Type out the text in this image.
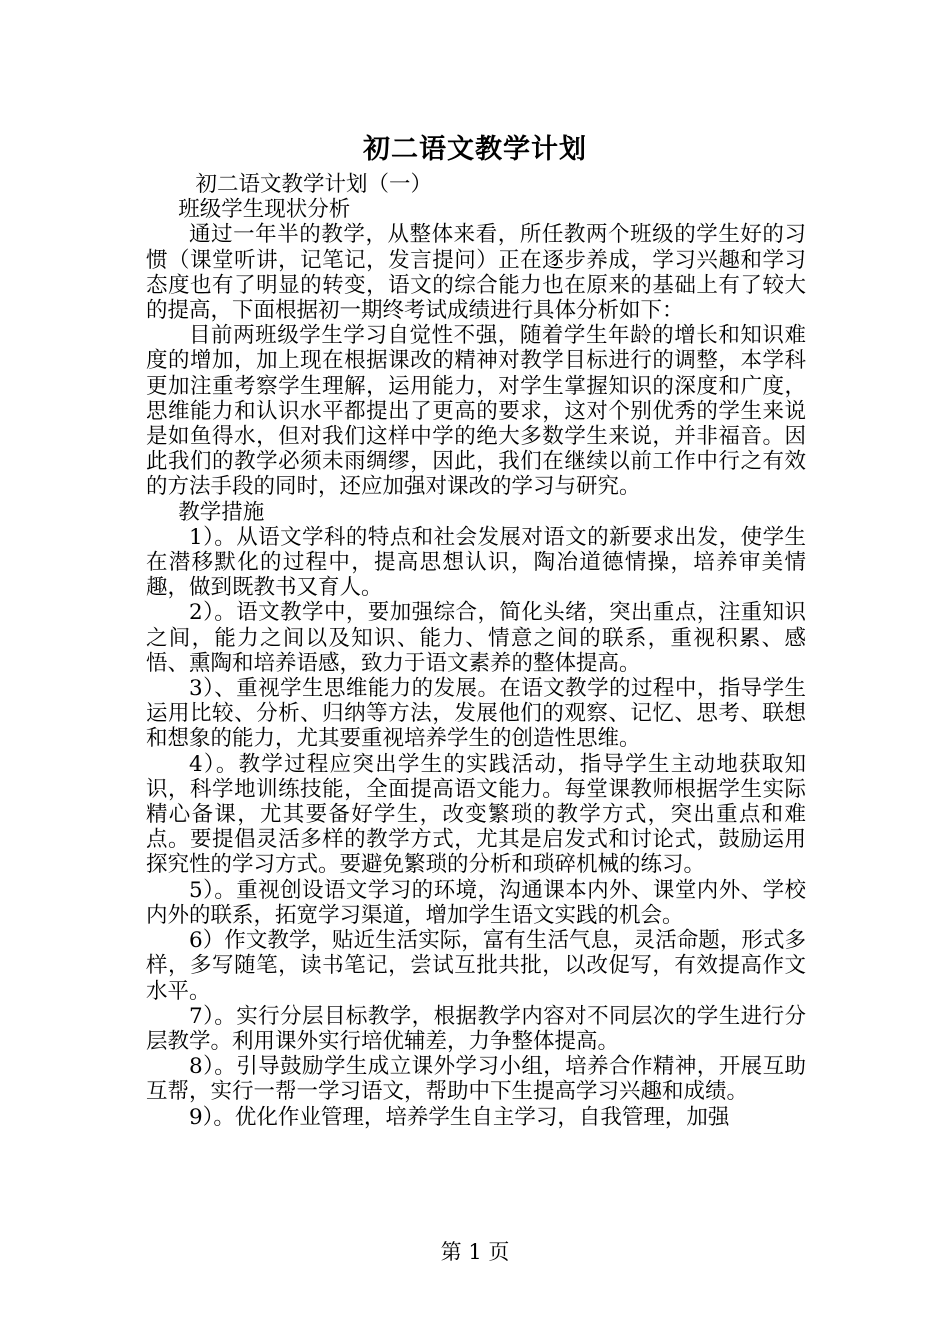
初二语文教学计划

初二语文教学计划（一）

班级学生现状分析

通过一年半的教学，从整体来看，所任教两个班级的学生好的习惯（课堂听讲，记笔记，发言提问）正在逐步养成，学习兴趣和学习态度也有了明显的转变，语文的综合能力也在原来的基础上有了较大的提高，下面根据初一期终考试成绩进行具体分析如下：

目前两班级学生学习自觉性不强，随着学生年龄的增长和知识难度的增加，加上现在根据课改的精神对教学目标进行的调整，本学科更加注重考察学生理解，运用能力，对学生掌握知识的深度和广度，思维能力和认识水平都提出了更高的要求，这对个别优秀的学生来说是如鱼得水，但对我们这样中学的绝大多数学生来说，并非福音。因此我们的教学必须未雨绸缪，因此，我们在继续以前工作中行之有效的方法手段的同时，还应加强对课改的学习与研究。

教学措施

1）。从语文学科的特点和社会发展对语文的新要求出发，使学生在潜移默化的过程中，提高思想认识，陶冶道德情操，培养审美情趣，做到既教书又育人。

2）。语文教学中，要加强综合，简化头绪，突出重点，注重知识之间，能力之间以及知识、能力、情意之间的联系，重视积累、感悟、熏陶和培养语感，致力于语文素养的整体提高。

3）、重视学生思维能力的发展。在语文教学的过程中，指导学生运用比较、分析、归纳等方法，发展他们的观察、记忆、思考、联想和想象的能力，尤其要重视培养学生的创造性思维。

4）。教学过程应突出学生的实践活动，指导学生主动地获取知识，科学地训练技能，全面提高语文能力。每堂课教师根据学生实际精心备课，尤其要备好学生，改变繁琐的教学方式，突出重点和难点。要提倡灵活多样的教学方式，尤其是启发式和讨论式，鼓励运用探究性的学习方式。要避免繁琐的分析和琐碎机械的练习。

5）。重视创设语文学习的环境，沟通课本内外、课堂内外、学校内外的联系，拓宽学习渠道，增加学生语文实践的机会。

6）作文教学，贴近生活实际，富有生活气息，灵活命题，形式多样，多写随笔，读书笔记，尝试互批共批，以改促写，有效提高作文水平。

7）。实行分层目标教学，根据教学内容对不同层次的学生进行分层教学。利用课外实行培优辅差，力争整体提高。

8）。引导鼓励学生成立课外学习小组，培养合作精神，开展互助互帮，实行一帮一学习语文，帮助中下生提高学习兴趣和成绩。

9）。优化作业管理，培养学生自主学习，自我管理，加强

第 1 页
